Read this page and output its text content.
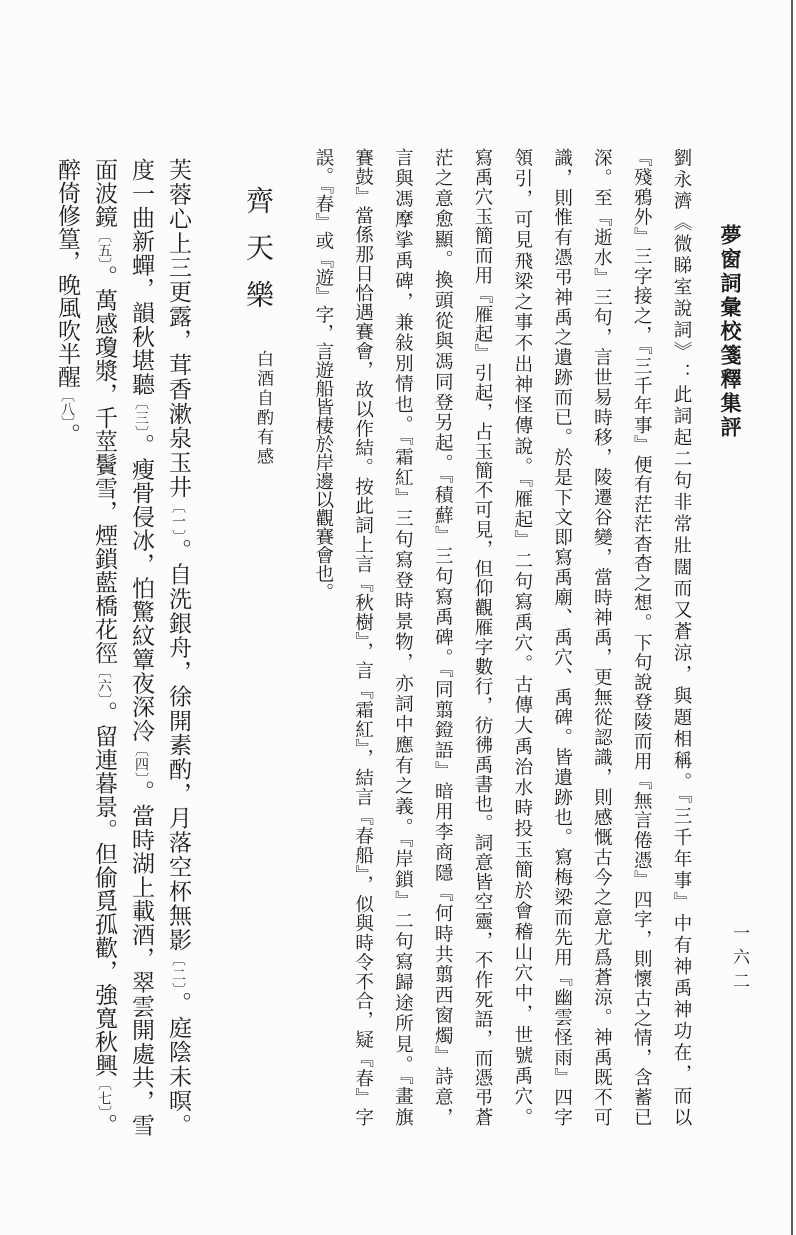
夢窗詞彙校箋釋集評
一六二
劉永濟《微睇室說詞》：此詞起二句非常壯闊而又蒼涼，與題相稱。『三千年事』中有神禹神功在，而以
『殘鴉外』三字接之，『三千年事』便有茫茫杳杳之想。下句說登陵而用『無言倦憑』四字，則懷古之情，含蓄已
深。至『逝水』三句，言世易時移，陵遷谷變，當時神禹，更無從認識，則感慨古今之意尤爲蒼涼。神禹既不可
識，則惟有憑弔神禹之遺跡而已。於是下文即寫禹廟、禹穴、禹碑。皆遺跡也。寫梅梁而先用『幽雲怪雨』四字
領引，可見飛梁之事不出神怪傳說。『雁起』二句寫禹穴。古傳大禹治水時投玉簡於會稽山穴中，世號禹穴。
寫禹穴玉簡而用『雁起』引起，占玉簡不可見，但仰觀雁字數行，彷彿禹書也。詞意皆空靈，不作死語，而憑弔蒼
茫之意愈顯。換頭從與馮同登另起。『積蘚』三句寫禹碑。『同翦鐙語』暗用李商隱『何時共翦西窗燭』詩意，
言與馮摩挲禹碑，兼敍別情也。『霜紅』三句寫登時景物，亦詞中應有之義。『岸鎖』二句寫歸途所見。『畫旗
賽鼓』當係那日恰遇賽會，故以作結。按此詞上言『秋樹』，言『霜紅』，結言『春船』，似與時令不合，疑『春』字
誤。『春』或『遊』字，言遊船皆棲於岸邊以觀賽會也。
齊天樂
白酒自酌有感
芙蓉心上三更露，茸香漱泉玉井〔一〕。自洗銀舟，徐開素酌，月落空杯無影〔二〕。庭陰未暝。
度一曲新蟬，韻秋堪聽〔三〕。瘦骨侵冰，怕驚紋簟夜深冷〔四〕。當時湖上載酒，翠雲開處共，雪
面波鏡〔五〕。萬感瓊漿，千莖鬢雪，煙鎖藍橋花徑〔六〕。留連暮景。但偷覓孤歡，強寬秋興〔七〕。
醉倚修篁，晚風吹半醒〔八〕。
